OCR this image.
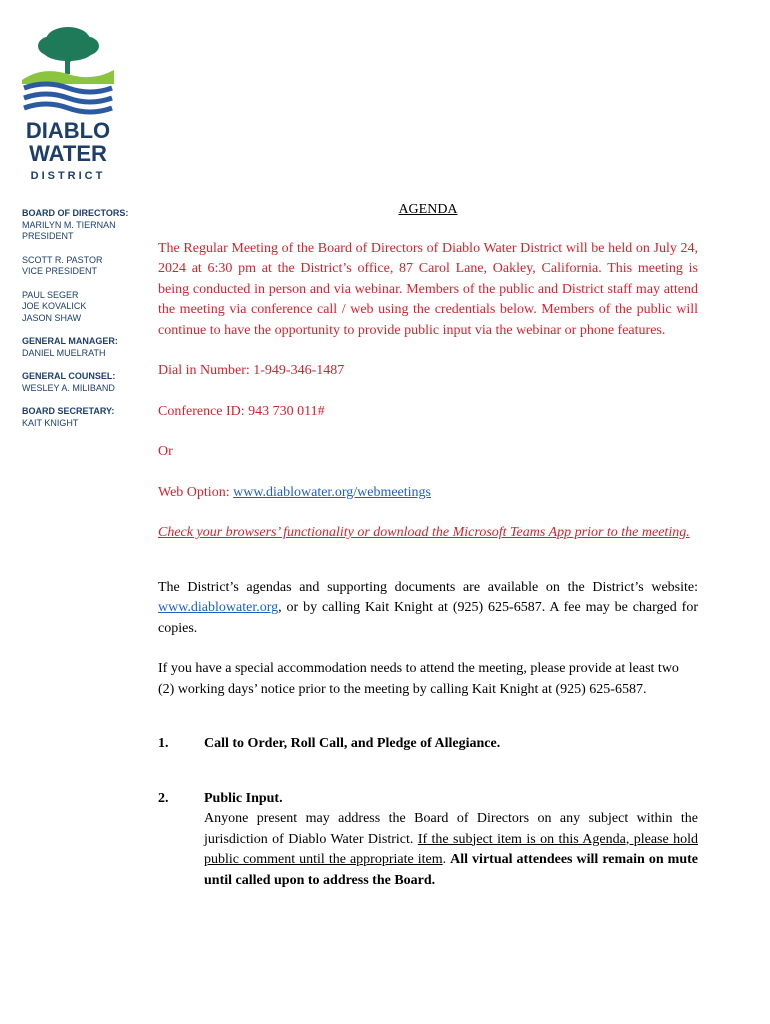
DIABLO
WATER
DISTRICT
BOARD OF DIRECTORS:
MARILYN M. TIERNAN
PRESIDENT
SCOTT R. PASTOR
VICE PRESIDENT
PAUL SEGER
JOE KOVALICK
JASON SHAW
GENERAL MANAGER:
DANIEL MUELRATH
GENERAL COUNSEL:
WESLEY A. MILIBAND
BOARD SECRETARY:
KAIT KNIGHT
AGENDA

The Regular Meeting of the Board of Directors of Diablo Water District will be held on July 24, 2024 at 6:30 pm at the District’s office, 87 Carol Lane, Oakley, California. This meeting is being conducted in person and via webinar. Members of the public and District staff may attend the meeting via conference call / web using the credentials below. Members of the public will continue to have the opportunity to provide public input via the webinar or phone features.

Dial in Number: 1-949-346-1487

Conference ID: 943 730 011#

Or

Web Option: www.diablowater.org/webmeetings

Check your browsers’ functionality or download the Microsoft Teams App prior to the meeting.

The District’s agendas and supporting documents are available on the District’s website: www.diablowater.org, or by calling Kait Knight at (925) 625-6587. A fee may be charged for copies.

If you have a special accommodation needs to attend the meeting, please provide at least two (2) working days’ notice prior to the meeting by calling Kait Knight at (925) 625-6587.

1.	Call to Order, Roll Call, and Pledge of Allegiance.
2.	Public Input.
Anyone present may address the Board of Directors on any subject within the jurisdiction of Diablo Water District. If the subject item is on this Agenda, please hold public comment until the appropriate item. All virtual attendees will remain on mute until called upon to address the Board.
